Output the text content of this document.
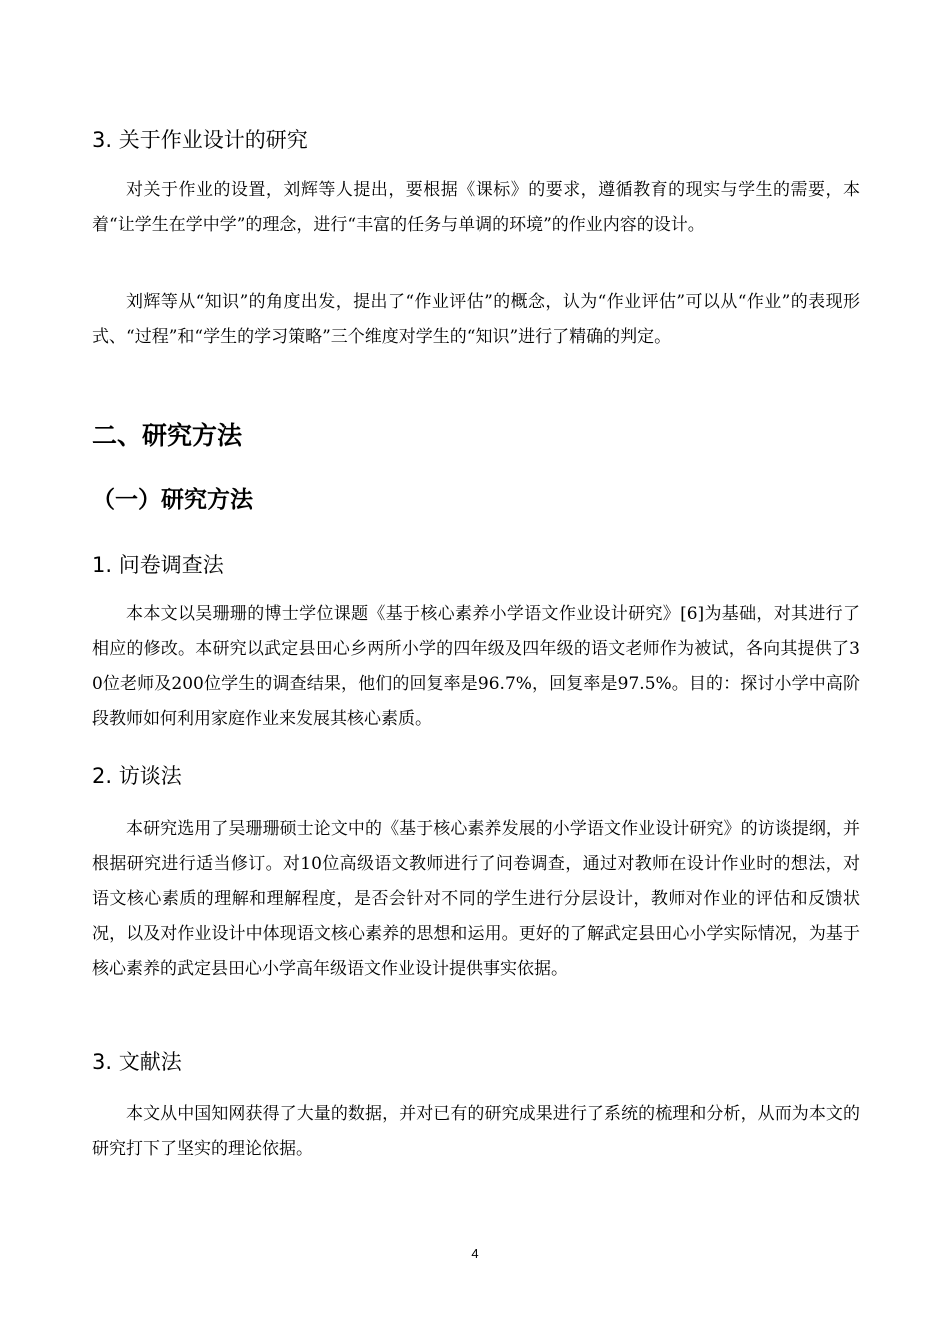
3. 关于作业设计的研究

对关于作业的设置，刘辉等人提出，要根据《课标》的要求，遵循教育的现实与学生的需要，本着“让学生在学中学”的理念，进行“丰富的任务与单调的环境”的作业内容的设计。

刘辉等从“知识”的角度出发，提出了“作业评估”的概念，认为“作业评估”可以从“作业”的表现形式、“过程”和“学生的学习策略”三个维度对学生的“知识”进行了精确的判定。

二、研究方法
（一）研究方法
1. 问卷调查法

本本文以吴珊珊的博士学位课题《基于核心素养小学语文作业设计研究》[6]为基础，对其进行了相应的修改。本研究以武定县田心乡两所小学的四年级及四年级的语文老师作为被试，各向其提供了30位老师及200位学生的调查结果，他们的回复率是96.7%，回复率是97.5%。目的：探讨小学中高阶段教师如何利用家庭作业来发展其核心素质。

2. 访谈法

本研究选用了吴珊珊硕士论文中的《基于核心素养发展的小学语文作业设计研究》的访谈提纲，并根据研究进行适当修订。对10位高级语文教师进行了问卷调查，通过对教师在设计作业时的想法，对语文核心素质的理解和理解程度，是否会针对不同的学生进行分层设计，教师对作业的评估和反馈状况，以及对作业设计中体现语文核心素养的思想和运用。更好的了解武定县田心小学实际情况，为基于核心素养的武定县田心小学高年级语文作业设计提供事实依据。

3. 文献法

本文从中国知网获得了大量的数据，并对已有的研究成果进行了系统的梳理和分析，从而为本文的研究打下了坚实的理论依据。

4
